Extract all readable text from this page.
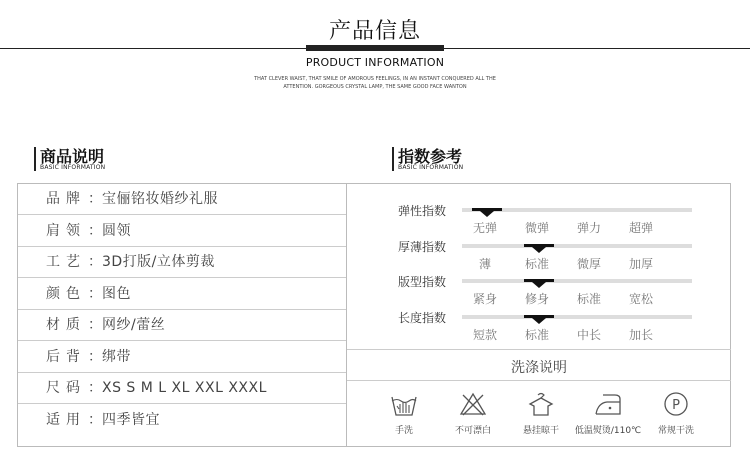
产品信息
PRODUCT INFORMATION
THAT CLEVER WAIST, THAT SMILE OF AMOROUS FEELINGS, IN AN INSTANT CONQUERED ALL THE
ATTENTION. GORGEOUS CRYSTAL LAMP, THE SAME GOOD FACE WANTON
商品说明
BASIC INFORMATION
指数参考
BASIC INFORMATION
品牌 ： 宝俪铭妆婚纱礼服
肩领 ： 圆领
工艺 ： 3D打版/立体剪裁
颜色 ： 图色
材质 ： 网纱/蕾丝
后背 ： 绑带
尺码 ： XS S M L XL XXL XXXL
适用 ： 四季皆宜
弹性指数
无弹	微弹	弹力	超弹
厚薄指数
薄	标准	微厚	加厚
版型指数
紧身	修身	标准	宽松
长度指数
短款	标准	中长	加长
洗涤说明
手洗	不可漂白	悬挂晾干	低温熨烫/110℃
P
常规干洗
